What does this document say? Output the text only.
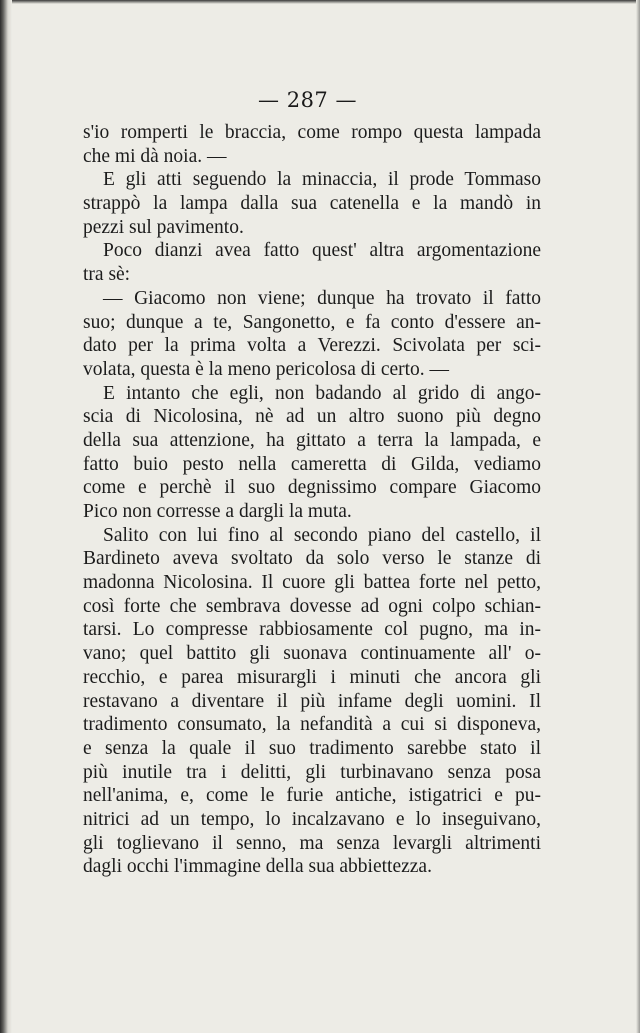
— 287 —
s'io romperti le braccia, come rompo questa lampada
che mi dà noia. —
E gli atti seguendo la minaccia, il prode Tommaso
strappò la lampa dalla sua catenella e la mandò in
pezzi sul pavimento.
Poco dianzi avea fatto quest' altra argomentazione
tra sè:
— Giacomo non viene; dunque ha trovato il fatto
suo; dunque a te, Sangonetto, e fa conto d'essere an-
dato per la prima volta a Verezzi. Scivolata per sci-
volata, questa è la meno pericolosa di certo. —
E intanto che egli, non badando al grido di ango-
scia di Nicolosina, nè ad un altro suono più degno
della sua attenzione, ha gittato a terra la lampada, e
fatto buio pesto nella cameretta di Gilda, vediamo
come e perchè il suo degnissimo compare Giacomo
Pico non corresse a dargli la muta.
Salito con lui fino al secondo piano del castello, il
Bardineto aveva svoltato da solo verso le stanze di
madonna Nicolosina. Il cuore gli battea forte nel petto,
così forte che sembrava dovesse ad ogni colpo schian-
tarsi. Lo compresse rabbiosamente col pugno, ma in-
vano; quel battito gli suonava continuamente all' o-
recchio, e parea misurargli i minuti che ancora gli
restavano a diventare il più infame degli uomini. Il
tradimento consumato, la nefandità a cui si disponeva,
e senza la quale il suo tradimento sarebbe stato il
più inutile tra i delitti, gli turbinavano senza posa
nell'anima, e, come le furie antiche, istigatrici e pu-
nitrici ad un tempo, lo incalzavano e lo inseguivano,
gli toglievano il senno, ma senza levargli altrimenti
dagli occhi l'immagine della sua abbiettezza.
